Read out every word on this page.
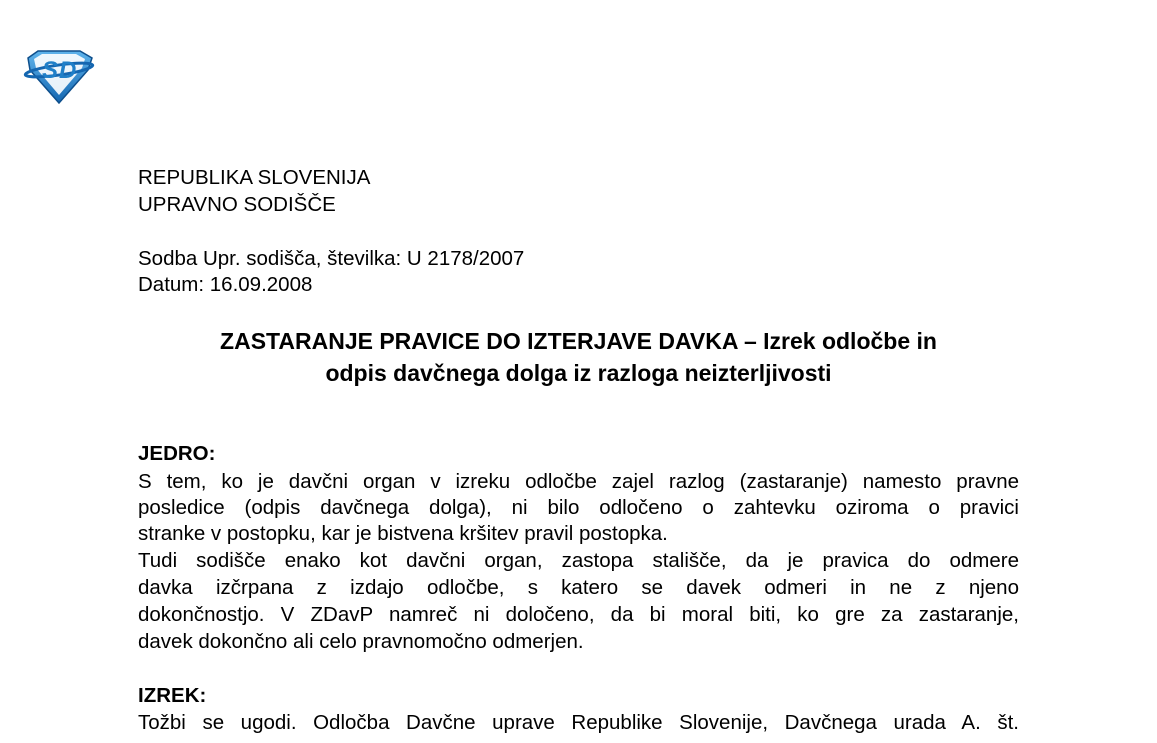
S D
REPUBLIKA SLOVENIJA
UPRAVNO SODIŠČE
Sodba Upr. sodišča, številka: U 2178/2007
Datum: 16.09.2008
ZASTARANJE PRAVICE DO IZTERJAVE DAVKA – Izrek odločbe in
odpis davčnega dolga iz razloga neizterljivosti
JEDRO:
S tem, ko je davčni organ v izreku odločbe zajel razlog (zastaranje) namesto pravne
posledice (odpis davčnega dolga), ni bilo odločeno o zahtevku oziroma o pravici
stranke v postopku, kar je bistvena kršitev pravil postopka.
Tudi sodišče enako kot davčni organ, zastopa stališče, da je pravica do odmere
davka izčrpana z izdajo odločbe, s katero se davek odmeri in ne z njeno
dokončnostjo. V ZDavP namreč ni določeno, da bi moral biti, ko gre za zastaranje,
davek dokončno ali celo pravnomočno odmerjen.
IZREK:
Tožbi se ugodi. Odločba Davčne uprave Republike Slovenije, Davčnega urada A. št.
